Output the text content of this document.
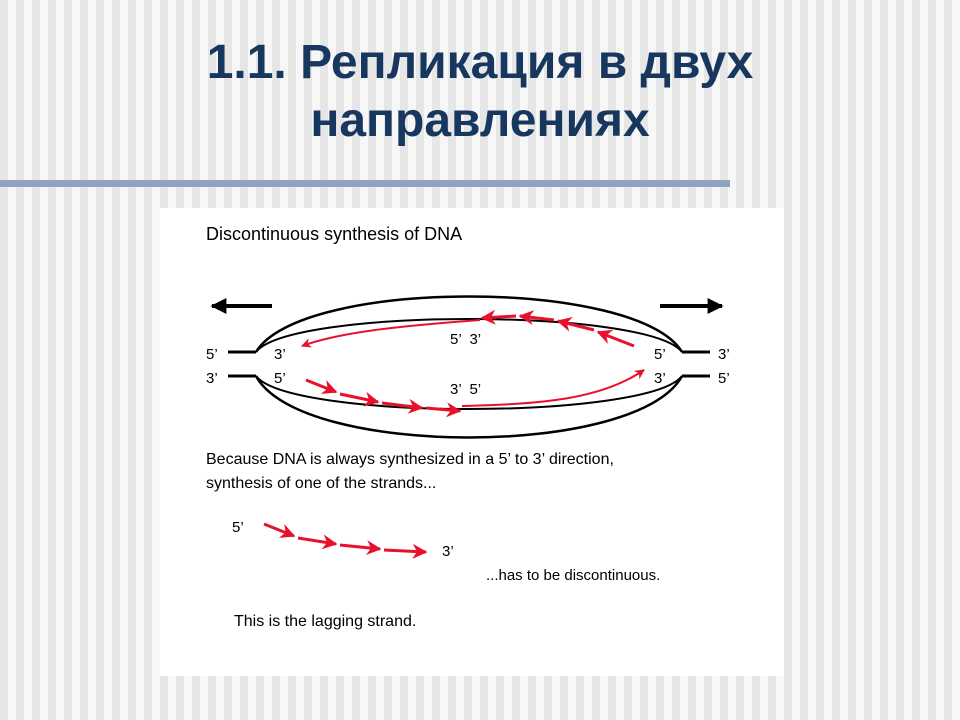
1.1. Репликация в двух
направлениях
Discontinuous synthesis of DNA
5’
3’
3’
5’
5’
3’
3’
5’
5’  3’
3’  5’
Because DNA is always synthesized in a 5’ to 3’ direction,
synthesis of one of the strands...
5’
3’
...has to be discontinuous.
This is the lagging strand.
